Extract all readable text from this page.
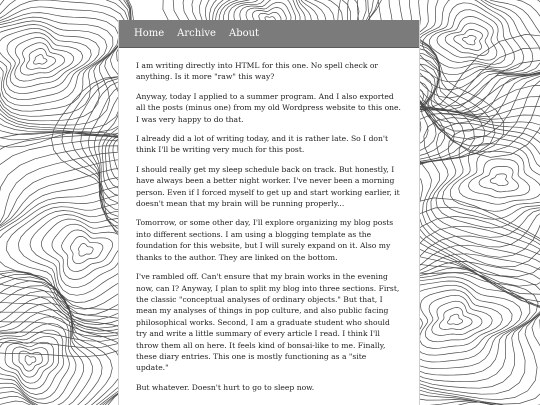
Home Archive About

I am writing directly into HTML for this one. No spell check or anything. Is it more "raw" this way?

Anyway, today I applied to a summer program. And I also exported all the posts (minus one) from my old Wordpress website to this one. I was very happy to do that.

I already did a lot of writing today, and it is rather late. So I don't think I'll be writing very much for this post.

I should really get my sleep schedule back on track. But honestly, I have always been a better night worker. I've never been a morning person. Even if I forced myself to get up and start working earlier, it doesn't mean that my brain will be running properly...

Tomorrow, or some other day, I'll explore organizing my blog posts into different sections. I am using a blogging template as the foundation for this website, but I will surely expand on it. Also my thanks to the author. They are linked on the bottom.

I've rambled off. Can't ensure that my brain works in the evening now, can I? Anyway, I plan to split my blog into three sections. First, the classic "conceptual analyses of ordinary objects." But that, I mean my analyses of things in pop culture, and also public facing philosophical works. Second, I am a graduate student who should try and write a little summary of every article I read. I think I'll throw them all on here. It feels kind of bonsai-like to me. Finally, these diary entries. This one is mostly functioning as a "site update."

But whatever. Doesn't hurt to go to sleep now.
